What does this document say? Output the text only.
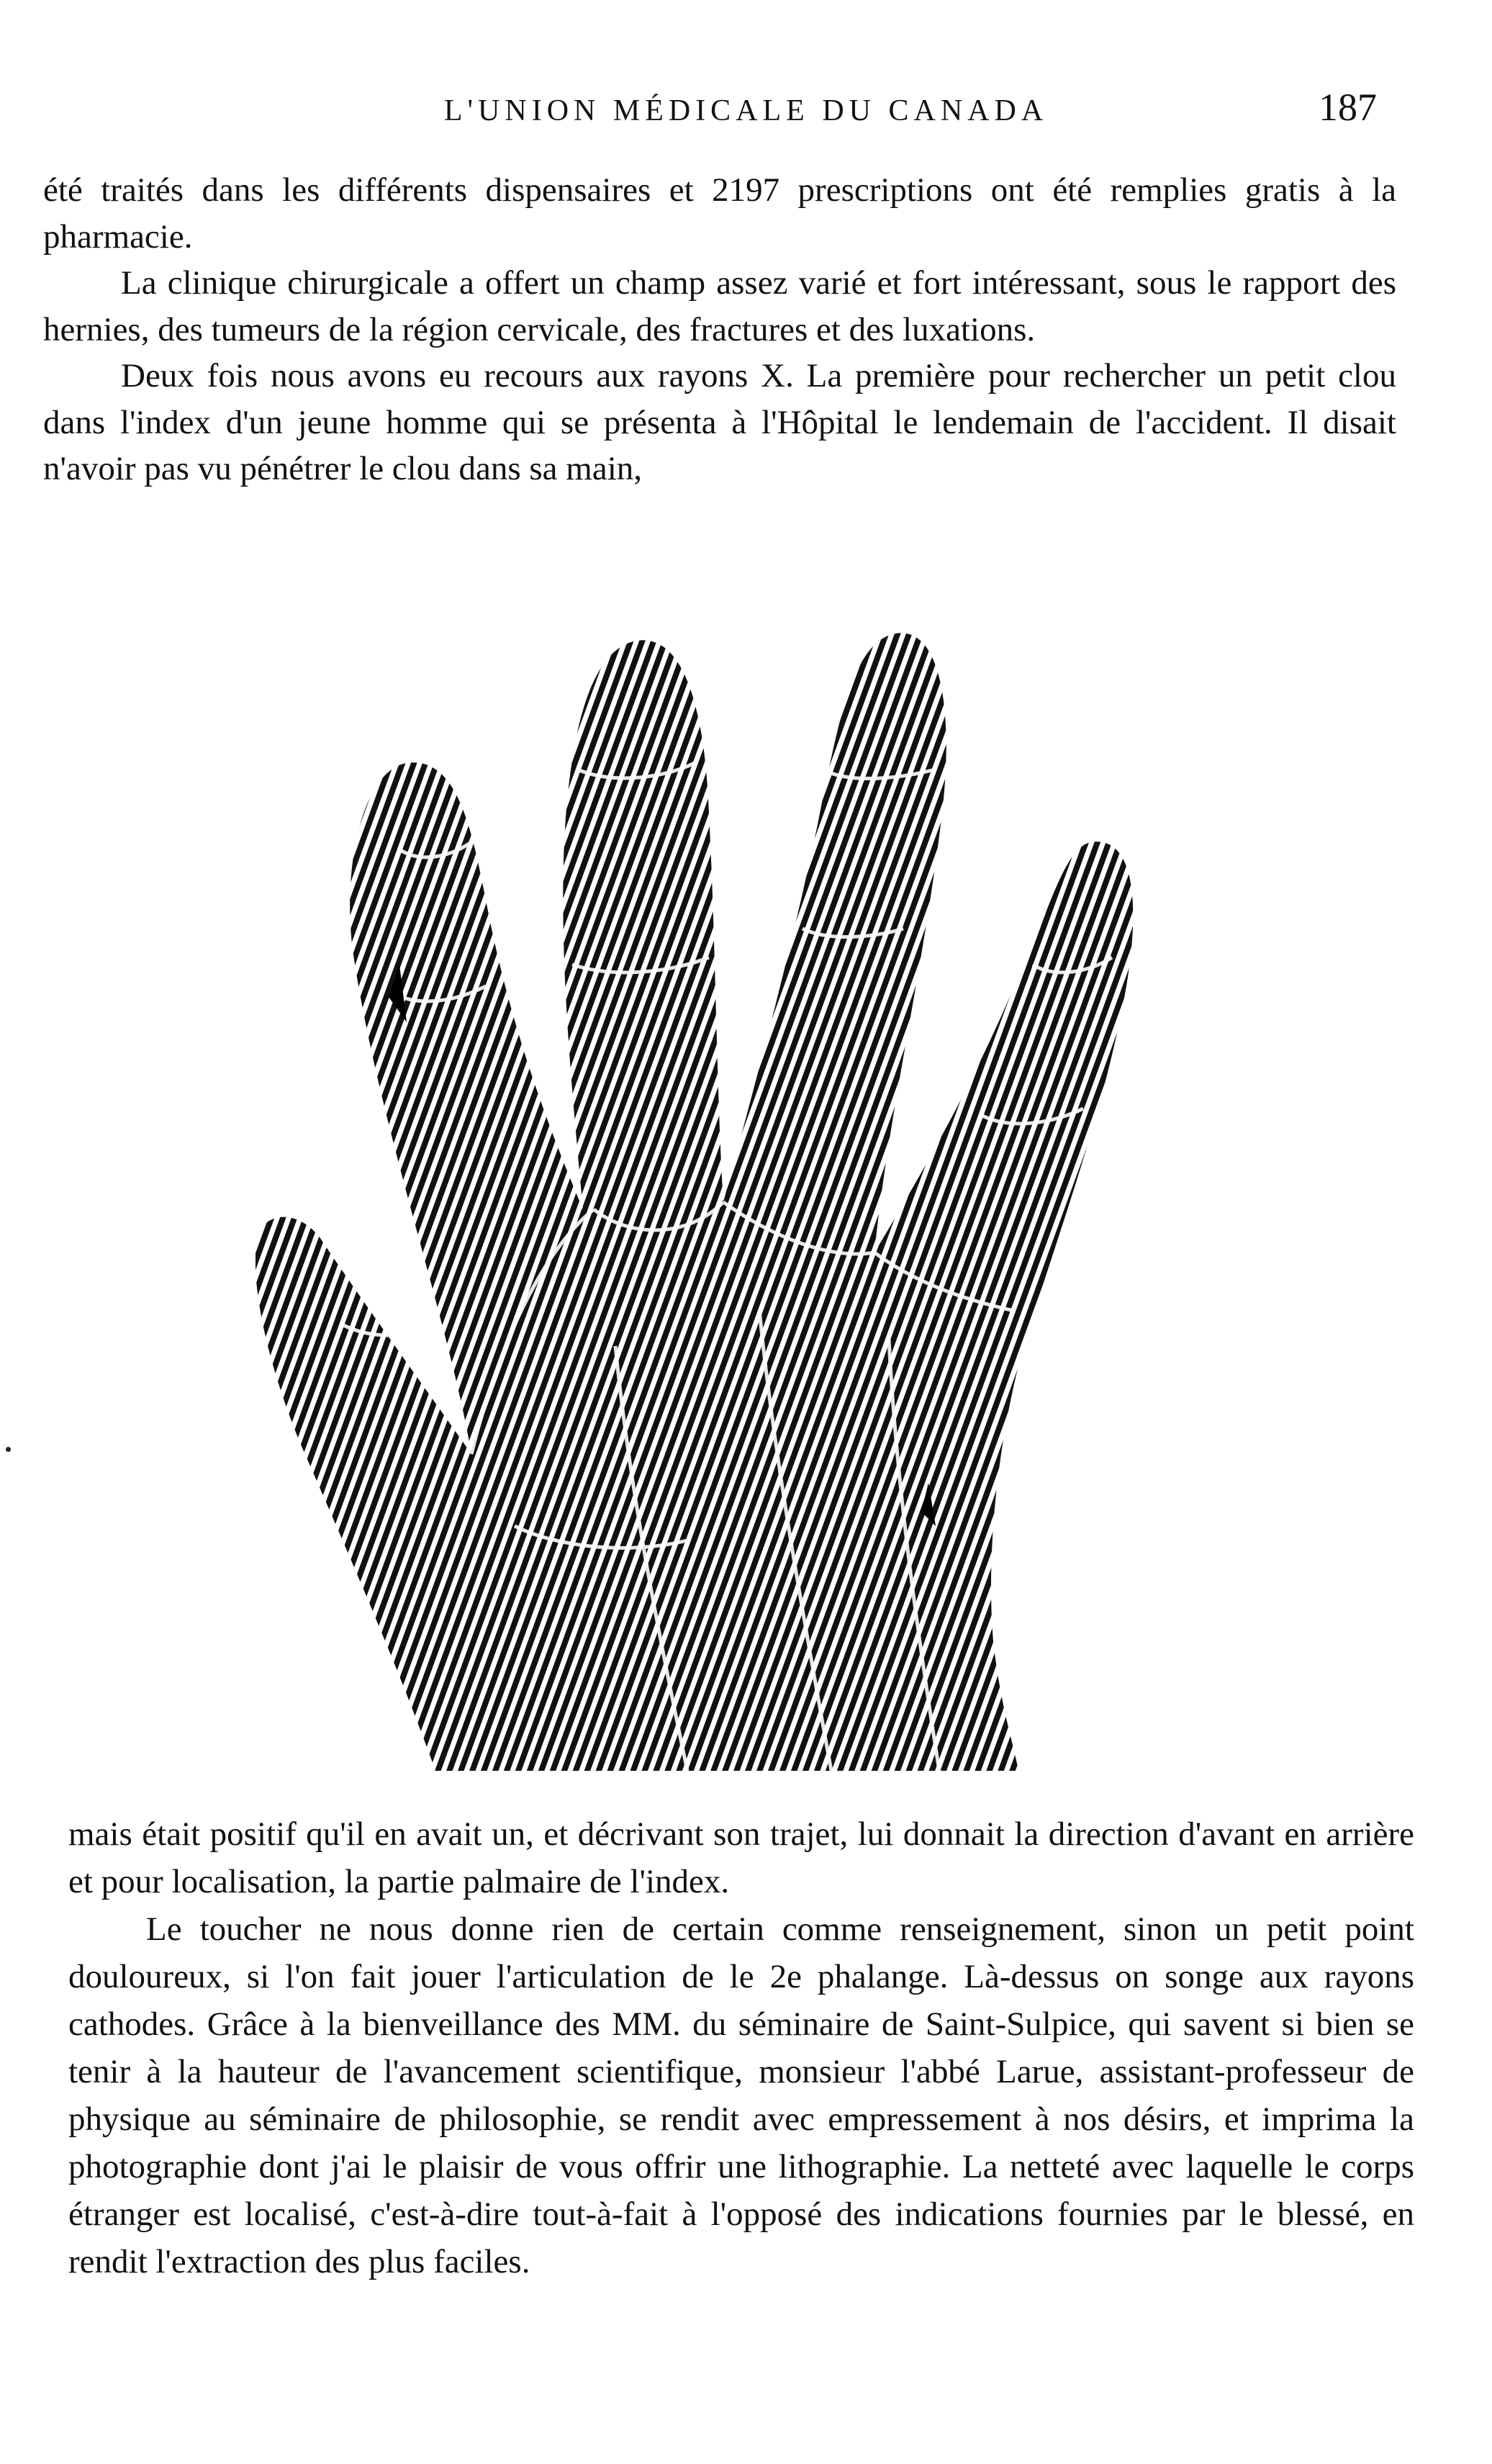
L'UNION MÉDICALE DU CANADA	187

été traités dans les différents dispensaires et 2197 prescriptions ont été remplies gratis à la pharmacie.

La clinique chirurgicale a offert un champ assez varié et fort intéressant, sous le rapport des hernies, des tumeurs de la région cervicale, des fractures et des luxations.

Deux fois nous avons eu recours aux rayons X. La première pour rechercher un petit clou dans l'index d'un jeune homme qui se présenta à l'Hôpital le lendemain de l'accident. Il disait n'avoir pas vu pénétrer le clou dans sa main,

mais était positif qu'il en avait un, et décrivant son trajet, lui donnait la direction d'avant en arrière et pour localisation, la partie palmaire de l'index.

Le toucher ne nous donne rien de certain comme renseignement, sinon un petit point douloureux, si l'on fait jouer l'articulation de le 2e phalange. Là-dessus on songe aux rayons cathodes. Grâce à la bienveillance des MM. du séminaire de Saint-Sulpice, qui savent si bien se tenir à la hauteur de l'avancement scientifique, monsieur l'abbé Larue, assistant-professeur de physique au séminaire de philosophie, se rendit avec empressement à nos désirs, et imprima la photographie dont j'ai le plaisir de vous offrir une lithographie. La netteté avec laquelle le corps étranger est localisé, c'est-à-dire tout-à-fait à l'opposé des indications fournies par le blessé, en rendit l'extraction des plus faciles.
